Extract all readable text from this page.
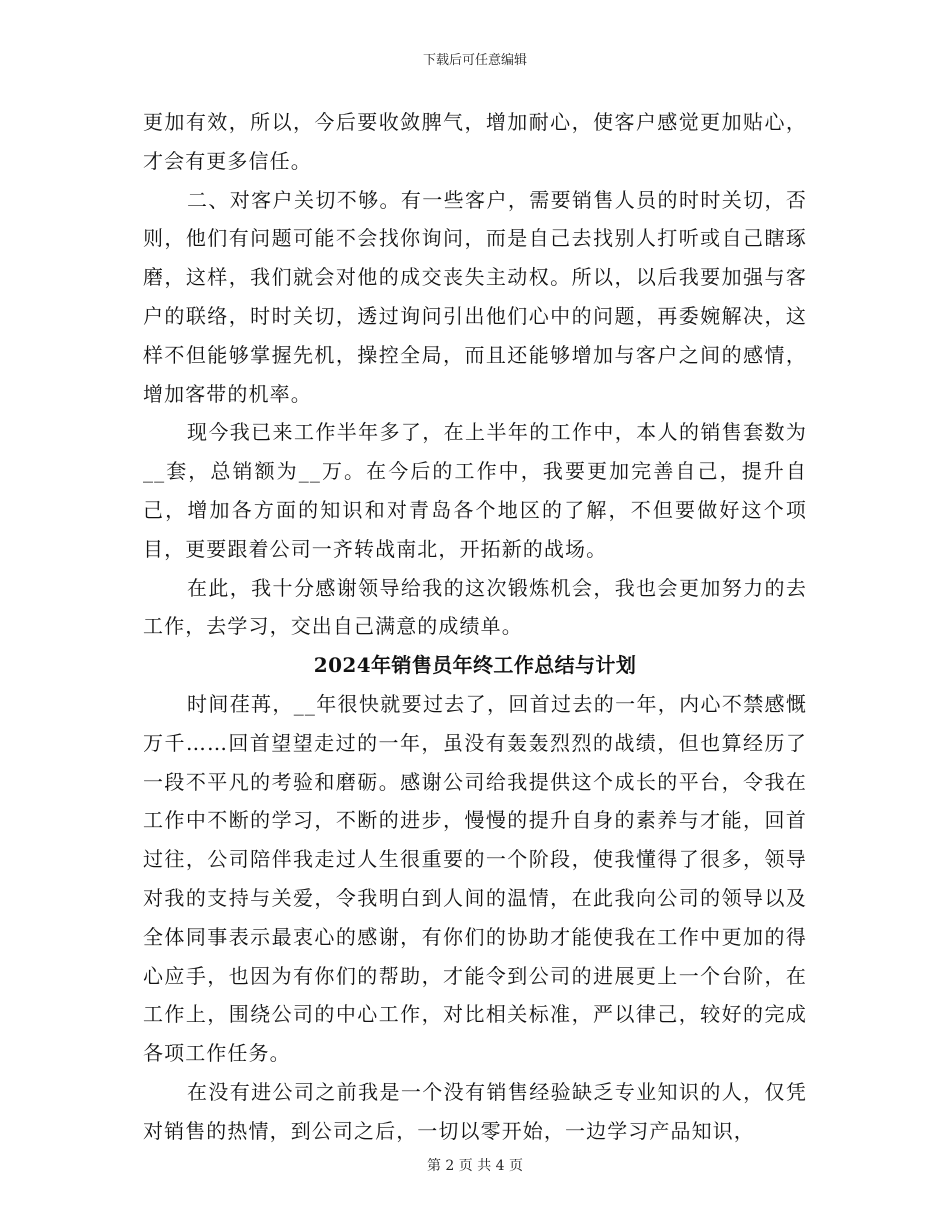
下载后可任意编辑

更加有效，所以，今后要收敛脾气，增加耐心，使客户感觉更加贴心，才会有更多信任。

二、对客户关切不够。有一些客户，需要销售人员的时时关切，否则，他们有问题可能不会找你询问，而是自己去找别人打听或自己瞎琢磨，这样，我们就会对他的成交丧失主动权。所以，以后我要加强与客户的联络，时时关切，透过询问引出他们心中的问题，再委婉解决，这样不但能够掌握先机，操控全局，而且还能够增加与客户之间的感情，增加客带的机率。

现今我已来工作半年多了，在上半年的工作中，本人的销售套数为__套，总销额为__万。在今后的工作中，我要更加完善自己，提升自己，增加各方面的知识和对青岛各个地区的了解，不但要做好这个项目，更要跟着公司一齐转战南北，开拓新的战场。

在此，我十分感谢领导给我的这次锻炼机会，我也会更加努力的去工作，去学习，交出自己满意的成绩单。

2024年销售员年终工作总结与计划

时间荏苒，__年很快就要过去了，回首过去的一年，内心不禁感慨万千……回首望望走过的一年，虽没有轰轰烈烈的战绩，但也算经历了一段不平凡的考验和磨砺。感谢公司给我提供这个成长的平台，令我在工作中不断的学习，不断的进步，慢慢的提升自身的素养与才能，回首过往，公司陪伴我走过人生很重要的一个阶段，使我懂得了很多，领导对我的支持与关爱，令我明白到人间的温情，在此我向公司的领导以及全体同事表示最衷心的感谢，有你们的协助才能使我在工作中更加的得心应手，也因为有你们的帮助，才能令到公司的进展更上一个台阶，在工作上，围绕公司的中心工作，对比相关标准，严以律己，较好的完成各项工作任务。

在没有进公司之前我是一个没有销售经验缺乏专业知识的人，仅凭对销售的热情，到公司之后，一切以零开始，一边学习产品知识，

第 2 页 共 4 页
